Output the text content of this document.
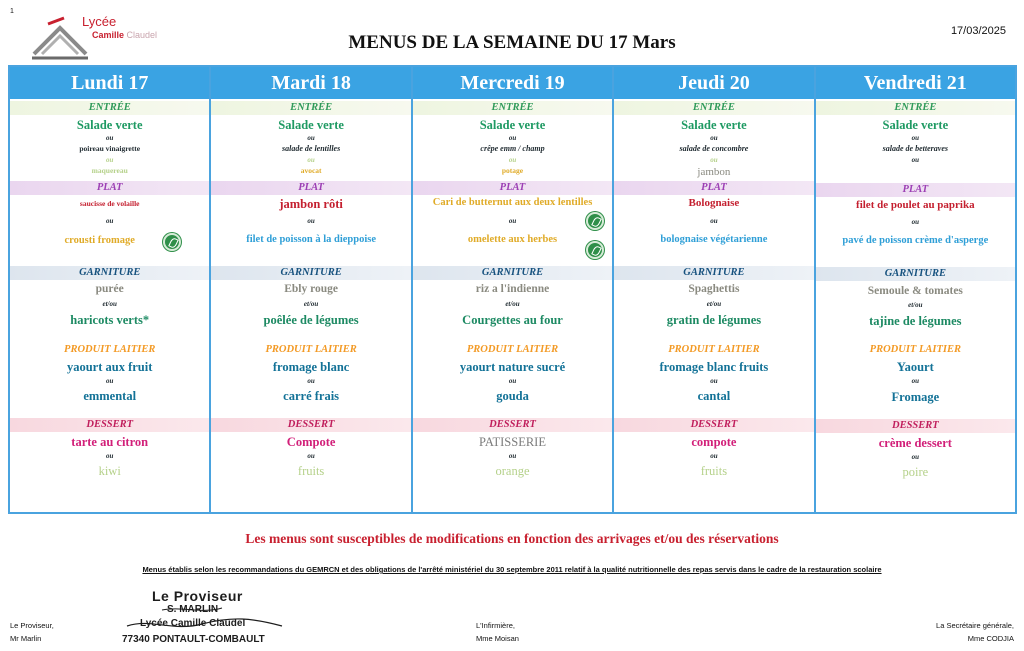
1
Lycée
Camille Claudel	17/03/2025
MENUS DE LA SEMAINE DU 17 Mars
Lundi 17
ENTRÉE
Salade verte
ou
poireau vinaigrette
ou
maquereau
PLAT
saucisse de volaille
ou
crousti fromage
GARNITURE
purée
et/ou
haricots verts*
PRODUIT LAITIER
yaourt aux fruit
ou
emmental
DESSERT
tarte au citron
ou
kiwi
Mardi 18
ENTRÉE
Salade verte
ou
salade de lentilles
ou
avocat
PLAT
jambon rôti
ou
filet de poisson à la dieppoise
GARNITURE
Ebly rouge
et/ou
poêlée de légumes
PRODUIT LAITIER
fromage blanc
ou
carré frais
DESSERT
Compote
ou
fruits
Mercredi 19
ENTRÉE
Salade verte
ou
crêpe emm / champ
ou
potage
PLAT
Cari de butternut aux deux lentilles
ou
omelette aux herbes
GARNITURE
riz a l'indienne
et/ou
Courgettes au four
PRODUIT LAITIER
yaourt nature sucré
ou
gouda
DESSERT
PATISSERIE
ou
orange
Jeudi 20
ENTRÉE
Salade verte
ou
salade de concombre
ou
jambon
PLAT
Bolognaise
ou
bolognaise végétarienne
GARNITURE
Spaghettis
et/ou
gratin de légumes
PRODUIT LAITIER
fromage blanc fruits
ou
cantal
DESSERT
compote
ou
fruits
Vendredi 21
ENTRÉE
Salade verte
ou
salade de betteraves
ou
PLAT
filet de poulet au paprika
ou
pavé de poisson crème d'asperge
GARNITURE
Semoule & tomates
et/ou
tajine de légumes
PRODUIT LAITIER
Yaourt
ou
Fromage
DESSERT
crème dessert
ou
poire
Les menus sont susceptibles de modifications en fonction des arrivages et/ou des réservations
Menus établis selon les recommandations du GEMRCN et des obligations de l'arrêté ministériel du 30 septembre 2011 relatif à la qualité nutritionnelle des repas servis dans le cadre de la restauration scolaire
Le Proviseur,
Mr Marlin
Le Proviseur
S. MARLIN
Lycée Camille Claudel
77340 PONTAULT-COMBAULT
L'Infirmière,
Mme Moisan
La Secrétaire générale,
Mme CODJIA
